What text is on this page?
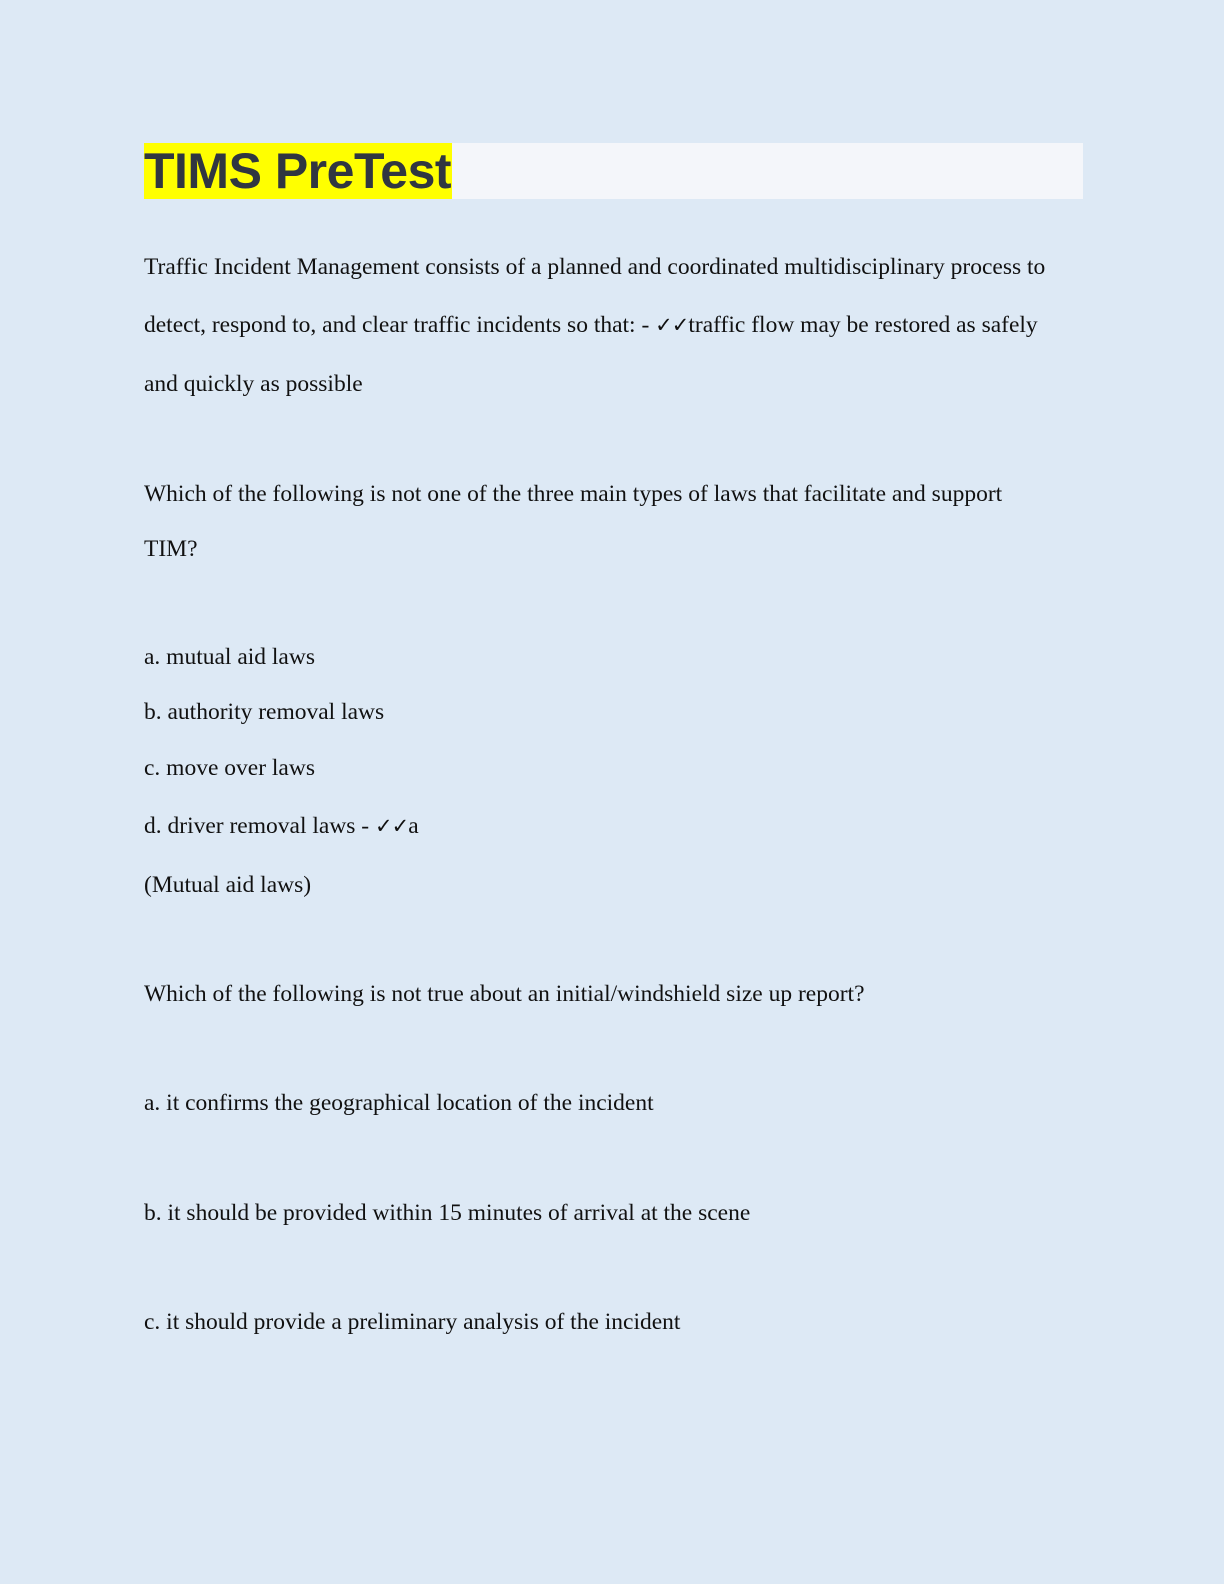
TIMS PreTest
Traffic Incident Management consists of a planned and coordinated multidisciplinary process to
detect, respond to, and clear traffic incidents so that: - ✓✓traffic flow may be restored as safely
and quickly as possible
Which of the following is not one of the three main types of laws that facilitate and support
TIM?
a. mutual aid laws
b. authority removal laws
c. move over laws
d. driver removal laws - ✓✓a
(Mutual aid laws)
Which of the following is not true about an initial/windshield size up report?
a. it confirms the geographical location of the incident
b. it should be provided within 15 minutes of arrival at the scene
c. it should provide a preliminary analysis of the incident
